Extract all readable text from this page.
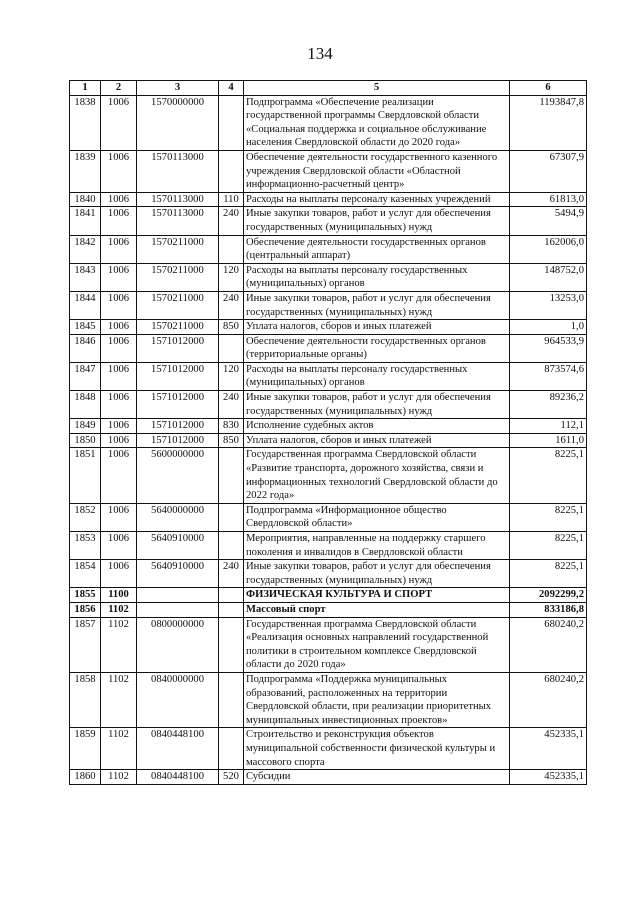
134
1	2	3	4	5	6
1838	1006	1570000000		Подпрограмма «Обеспечение реализации государственной программы Свердловской области «Социальная поддержка и социальное обслуживание населения Свердловской области до 2020 года»	1193847,8
1839	1006	1570113000		Обеспечение деятельности государственного казенного учреждения Свердловской области «Областной информационно-расчетный центр»	67307,9
1840	1006	1570113000	110	Расходы на выплаты персоналу казенных учреждений	61813,0
1841	1006	1570113000	240	Иные закупки товаров, работ и услуг для обеспечения государственных (муниципальных) нужд	5494,9
1842	1006	1570211000		Обеспечение деятельности государственных органов (центральный аппарат)	162006,0
1843	1006	1570211000	120	Расходы на выплаты персоналу государственных (муниципальных) органов	148752,0
1844	1006	1570211000	240	Иные закупки товаров, работ и услуг для обеспечения государственных (муниципальных) нужд	13253,0
1845	1006	1570211000	850	Уплата налогов, сборов и иных платежей	1,0
1846	1006	1571012000		Обеспечение деятельности государственных органов (территориальные органы)	964533,9
1847	1006	1571012000	120	Расходы на выплаты персоналу государственных (муниципальных) органов	873574,6
1848	1006	1571012000	240	Иные закупки товаров, работ и услуг для обеспечения государственных (муниципальных) нужд	89236,2
1849	1006	1571012000	830	Исполнение судебных актов	112,1
1850	1006	1571012000	850	Уплата налогов, сборов и иных платежей	1611,0
1851	1006	5600000000		Государственная программа Свердловской области «Развитие транспорта, дорожного хозяйства, связи и информационных технологий Свердловской области до 2022 года»	8225,1
1852	1006	5640000000		Подпрограмма «Информационное общество Свердловской области»	8225,1
1853	1006	5640910000		Мероприятия, направленные на поддержку старшего поколения и инвалидов в Свердловской области	8225,1
1854	1006	5640910000	240	Иные закупки товаров, работ и услуг для обеспечения государственных (муниципальных) нужд	8225,1
1855	1100			ФИЗИЧЕСКАЯ КУЛЬТУРА И СПОРТ	2092299,2
1856	1102			Массовый спорт	833186,8
1857	1102	0800000000		Государственная программа Свердловской области «Реализация основных направлений государственной политики в строительном комплексе Свердловской области до 2020 года»	680240,2
1858	1102	0840000000		Подпрограмма «Поддержка муниципальных образований, расположенных на территории Свердловской области, при реализации приоритетных муниципальных инвестиционных проектов»	680240,2
1859	1102	0840448100		Строительство и реконструкция объектов муниципальной собственности физической культуры и массового спорта	452335,1
1860	1102	0840448100	520	Субсидии	452335,1
